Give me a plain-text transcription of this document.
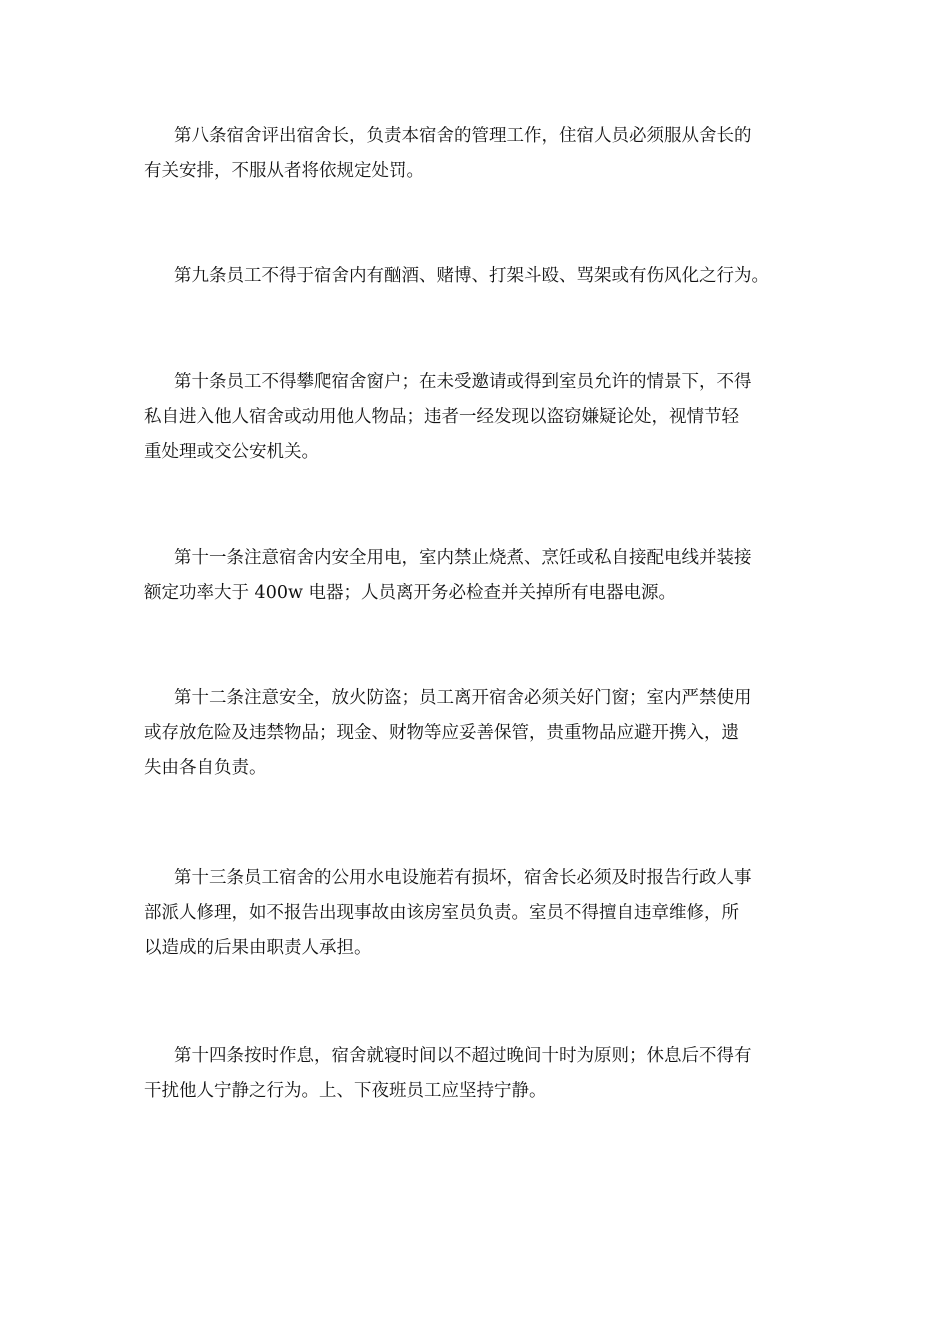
第八条宿舍评出宿舍长，负责本宿舍的管理工作，住宿人员必须服从舍长的
有关安排，不服从者将依规定处罚。
第九条员工不得于宿舍内有酗酒、赌博、打架斗殴、骂架或有伤风化之行为。
第十条员工不得攀爬宿舍窗户；在未受邀请或得到室员允许的情景下，不得
私自进入他人宿舍或动用他人物品；违者一经发现以盗窃嫌疑论处，视情节轻
重处理或交公安机关。
第十一条注意宿舍内安全用电，室内禁止烧煮、烹饪或私自接配电线并装接
额定功率大于 400w 电器；人员离开务必检查并关掉所有电器电源。
第十二条注意安全，放火防盗；员工离开宿舍必须关好门窗；室内严禁使用
或存放危险及违禁物品；现金、财物等应妥善保管，贵重物品应避开携入，遗
失由各自负责。
第十三条员工宿舍的公用水电设施若有损坏，宿舍长必须及时报告行政人事
部派人修理，如不报告出现事故由该房室员负责。室员不得擅自违章维修，所
以造成的后果由职责人承担。
第十四条按时作息，宿舍就寝时间以不超过晚间十时为原则；休息后不得有
干扰他人宁静之行为。上、下夜班员工应坚持宁静。
